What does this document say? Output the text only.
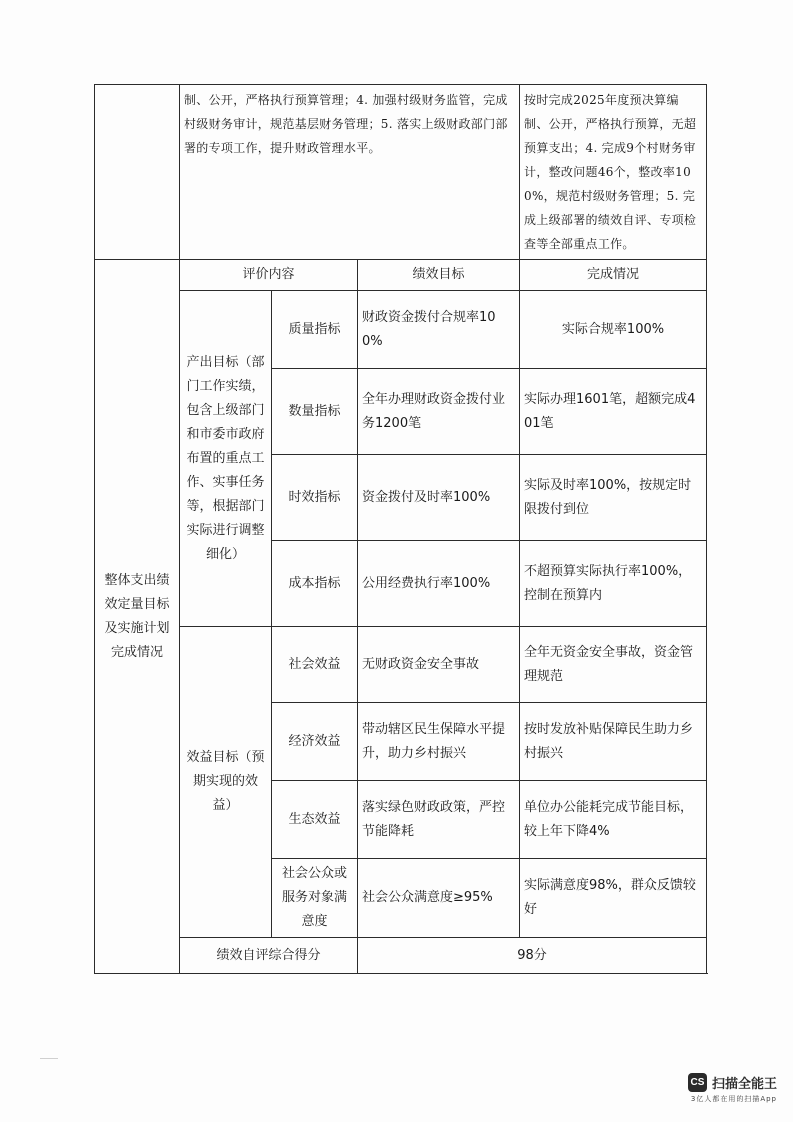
	制、公开，严格执行预算管理；4. 加强村级财务监管，完成村级财务审计，规范基层财务管理；5. 落实上级财政部门部署的专项工作，提升财政管理水平。			按时完成2025年度预决算编制、公开，严格执行预算，无超预算支出；4. 完成9个村财务审计，整改问题46个，整改率100%，规范村级财务管理；5. 完成上级部署的绩效自评、专项检查等全部重点工作。
整体支出绩效定量目标及实施计划完成情况	评价内容		绩效目标	完成情况
	产出目标（部门工作实绩，包含上级部门和市委市政府布置的重点工作、实事任务等，根据部门实际进行调整细化）	质量指标	财政资金拨付合规率100%	实际合规率100%
		数量指标	全年办理财政资金拨付业务1200笔	实际办理1601笔，超额完成401笔
		时效指标	资金拨付及时率100%	实际及时率100%，按规定时限拨付到位
		成本指标	公用经费执行率100%	不超预算实际执行率100%，控制在预算内
	效益目标（预期实现的效益）	社会效益	无财政资金安全事故	全年无资金安全事故，资金管理规范
		经济效益	带动辖区民生保障水平提升，助力乡村振兴	按时发放补贴保障民生助力乡村振兴
		生态效益	落实绿色财政政策，严控节能降耗	单位办公能耗完成节能目标，较上年下降4%
		社会公众或服务对象满意度	社会公众满意度≥95%	实际满意度98%，群众反馈较好
	绩效自评综合得分		98分	
CS 扫描全能王
3亿人都在用的扫描App
